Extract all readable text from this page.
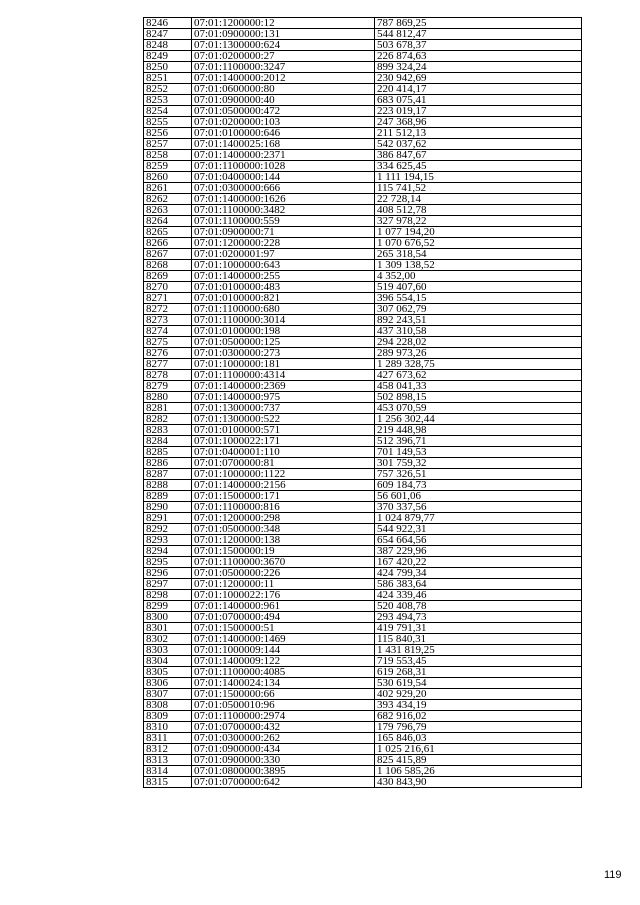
8246	07:01:1200000:12	787 869,25
8247	07:01:0900000:131	544 812,47
8248	07:01:1300000:624	503 678,37
8249	07:01:0200000:27	226 874,63
8250	07:01:1100000:3247	899 324,24
8251	07:01:1400000:2012	230 942,69
8252	07:01:0600000:80	220 414,17
8253	07:01:0900000:40	683 075,41
8254	07:01:0500000:472	223 019,17
8255	07:01:0200000:103	247 368,96
8256	07:01:0100000:646	211 512,13
8257	07:01:1400025:168	542 037,62
8258	07:01:1400000:2371	386 847,67
8259	07:01:1100000:1028	334 625,45
8260	07:01:0400000:144	1 111 194,15
8261	07:01:0300000:666	115 741,52
8262	07:01:1400000:1626	22 728,14
8263	07:01:1100000:3482	408 512,78
8264	07:01:1100000:559	327 978,22
8265	07:01:0900000:71	1 077 194,20
8266	07:01:1200000:228	1 070 676,52
8267	07:01:0200001:97	265 318,54
8268	07:01:1000000:643	1 309 138,52
8269	07:01:1400000:255	4 352,00
8270	07:01:0100000:483	519 407,60
8271	07:01:0100000:821	396 554,15
8272	07:01:1100000:680	307 062,79
8273	07:01:1100000:3014	892 243,51
8274	07:01:0100000:198	437 310,58
8275	07:01:0500000:125	294 228,02
8276	07:01:0300000:273	289 973,26
8277	07:01:1000000:181	1 289 328,75
8278	07:01:1100000:4314	427 673,62
8279	07:01:1400000:2369	458 041,33
8280	07:01:1400000:975	502 898,15
8281	07:01:1300000:737	453 070,59
8282	07:01:1300000:522	1 256 302,44
8283	07:01:0100000:571	219 448,98
8284	07:01:1000022:171	512 396,71
8285	07:01:0400001:110	701 149,53
8286	07:01:0700000:81	301 759,32
8287	07:01:1000000:1122	757 326,51
8288	07:01:1400000:2156	609 184,73
8289	07:01:1500000:171	56 601,06
8290	07:01:1100000:816	370 337,56
8291	07:01:1200000:298	1 024 879,77
8292	07:01:0500000:348	544 922,31
8293	07:01:1200000:138	654 664,56
8294	07:01:1500000:19	387 229,96
8295	07:01:1100000:3670	167 420,22
8296	07:01:0500000:226	424 799,34
8297	07:01:1200000:11	586 383,64
8298	07:01:1000022:176	424 339,46
8299	07:01:1400000:961	520 408,78
8300	07:01:0700000:494	293 494,73
8301	07:01:1500000:51	419 791,31
8302	07:01:1400000:1469	115 840,31
8303	07:01:1000009:144	1 431 819,25
8304	07:01:1400009:122	719 553,45
8305	07:01:1100000:4085	619 268,31
8306	07:01:1400024:134	530 619,54
8307	07:01:1500000:66	402 929,20
8308	07:01:0500010:96	393 434,19
8309	07:01:1100000:2974	682 916,02
8310	07:01:0700000:432	179 796,79
8311	07:01:0300000:262	165 846,03
8312	07:01:0900000:434	1 025 216,61
8313	07:01:0900000:330	825 415,89
8314	07:01:0800000:3895	1 106 585,26
8315	07:01:0700000:642	430 843,90
119
